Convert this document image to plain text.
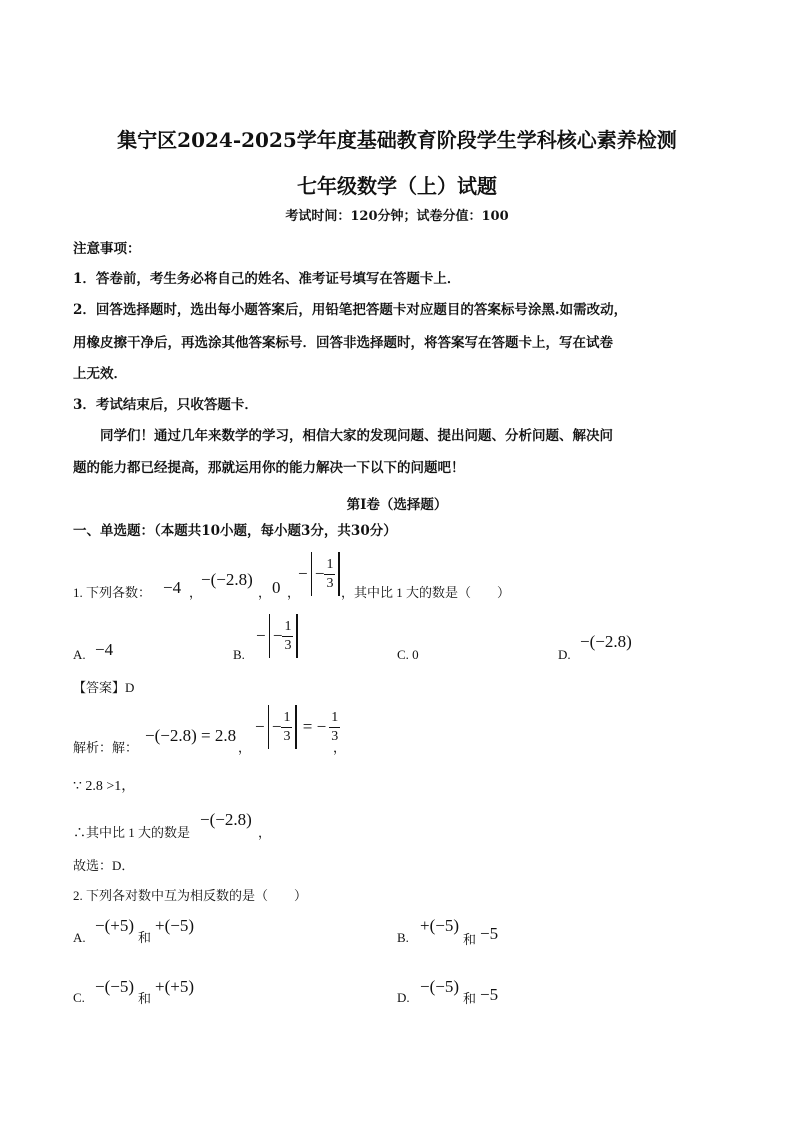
集宁区2024-2025学年度基础教育阶段学生学科核心素养检测
七年级数学（上）试题
考试时间：120分钟；试卷分值：100
注意事项：
1．答卷前，考生务必将自己的姓名、准考证号填写在答题卡上．
2．回答选择题时，选出每小题答案后，用铅笔把答题卡对应题目的答案标号涂黑.如需改动，
用橡皮擦干净后，再选涂其他答案标号．回答非选择题时，将答案写在答题卡上，写在试卷
上无效．
3．考试结束后，只收答题卡．
同学们！通过几年来数学的学习，相信大家的发现问题、提出问题、分析问题、解决问
题的能力都已经提高，那就运用你的能力解决一下以下的问题吧！
第Ⅰ卷（选择题）
一、单选题：（本题共10小题，每小题3分，共30分）
1. 下列各数： −4 ，
−(−2.8)
， 0 ，
− − $\frac{1}{3}$ ，其中比 1 大的数是（　　）
A. −4	B.
− − $\frac{1}{3}$	C. 0	D.
−(−2.8)
【答案】D
解析：解：
−(−2.8) = 2.8
，
− − $\frac{1}{3}$ = − $\frac{1}{3}$
，
∵ 2.8 >1，
∴其中比 1 大的数是
−(−2.8)
，
故选：D．
2. 下列各对数中互为相反数的是（　　）
A.
−(+5)
和
+(−5)
B.
+(−5)
和 −5
C.
−(−5)
和
+(+5)
D.
−(−5)
和 −5
